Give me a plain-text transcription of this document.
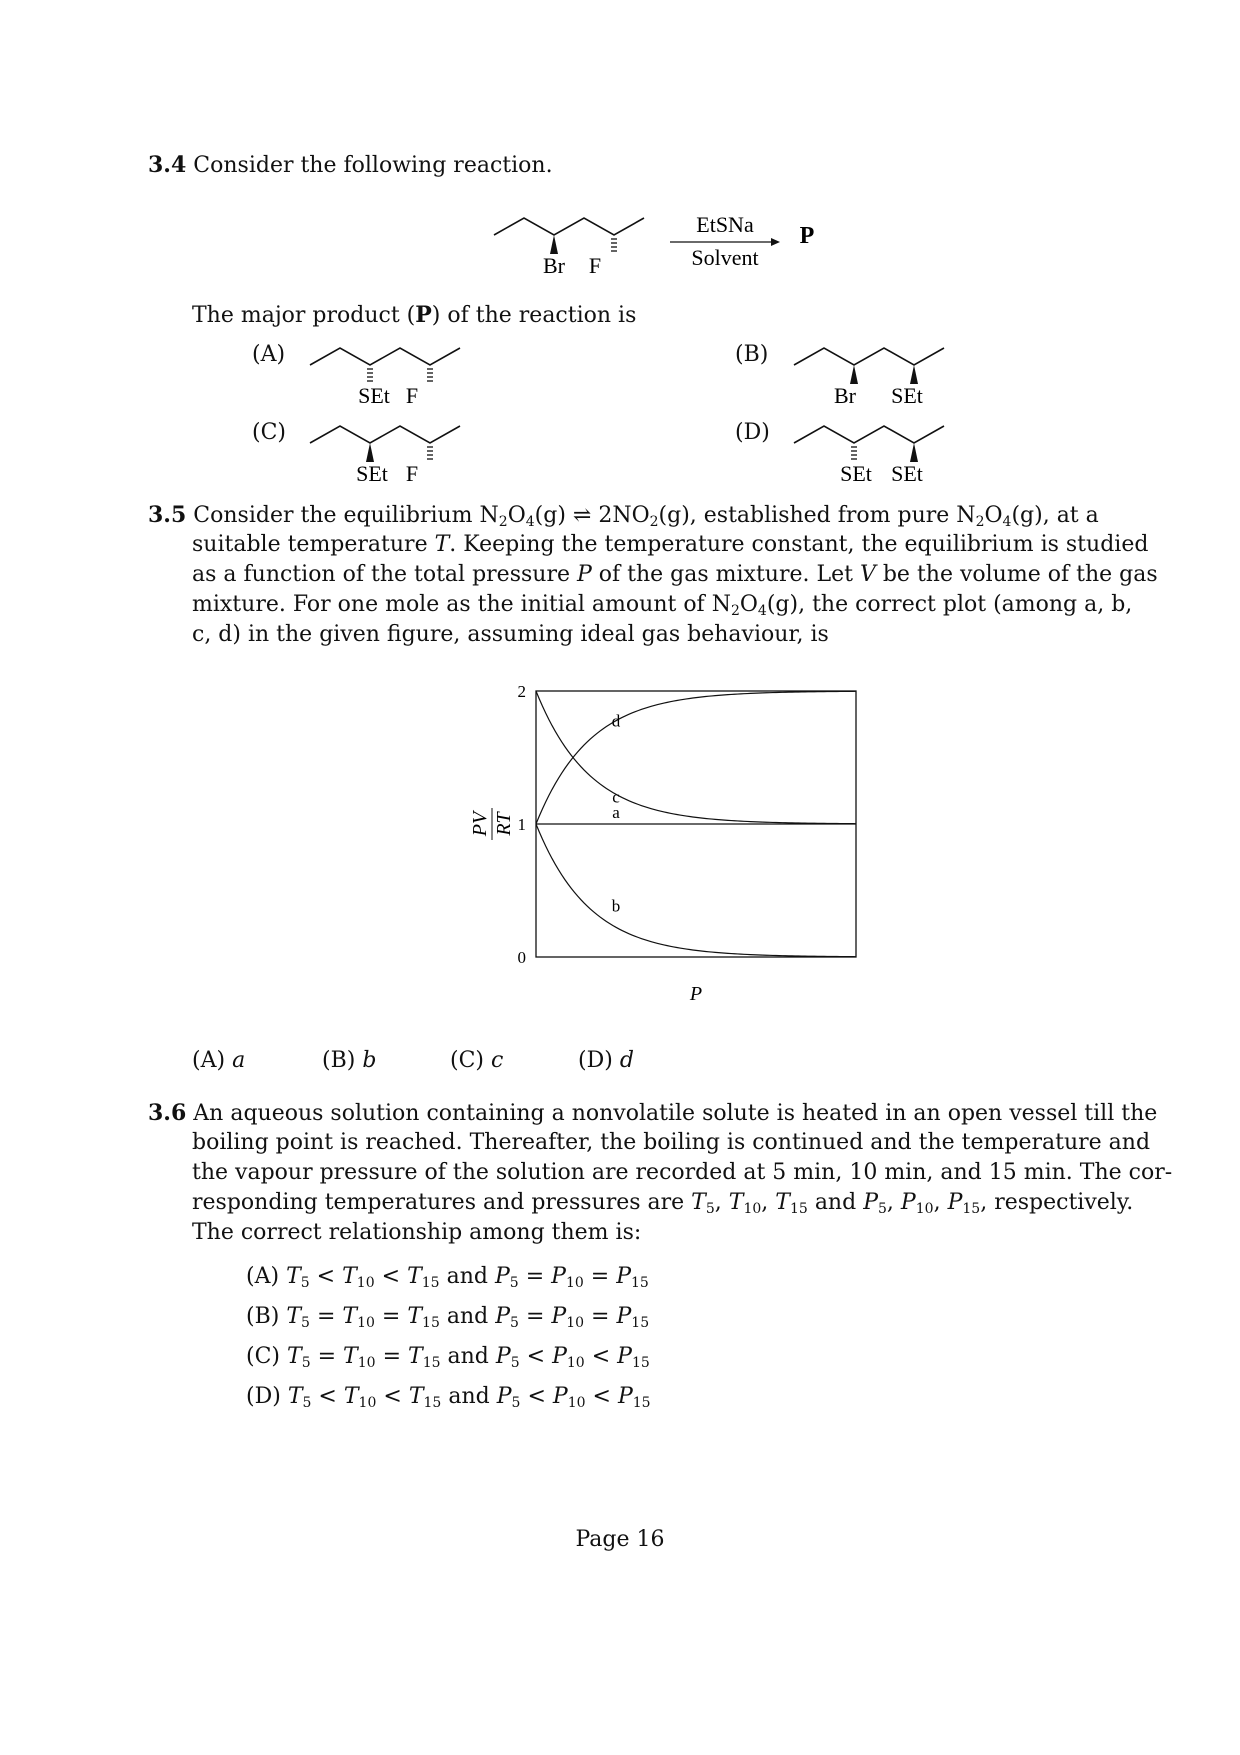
3.4 Consider the following reaction.
Br F
EtSNa
Solvent
P
The major product (P) of the reaction is
(A)
SEt F
(B)
Br SEt
(C)
SEt F
(D)
SEt SEt
3.5 Consider the equilibrium $N_2O_4(g)$ ⇌ $2NO_2(g)$, established from pure $N_2O_4(g)$, at a
suitable temperature T. Keeping the temperature constant, the equilibrium is studied
as a function of the total pressure P of the gas mixture. Let V be the volume of the gas
mixture. For one mole as the initial amount of $N_2O_4(g)$, the correct plot (among a, b,
c, d) in the given figure, assuming ideal gas behaviour, is
0
1
2
a
b
c
d
PV RT
P
(A) a	(B) b	(C) c	(D) d
3.6 An aqueous solution containing a nonvolatile solute is heated in an open vessel till the
boiling point is reached. Thereafter, the boiling is continued and the temperature and
the vapour pressure of the solution are recorded at 5 min, 10 min, and 15 min. The cor-
responding temperatures and pressures are $T_5$, $T_{10}$, $T_{15}$ and $P_5$, $P_{10}$, $P_{15}$, respectively.
The correct relationship among them is:
(A) $T_5 < T_{10} < T_{15}$ and $P_5 = P_{10} = P_{15}$
(B) $T_5 = T_{10} = T_{15}$ and $P_5 = P_{10} = P_{15}$
(C) $T_5 = T_{10} = T_{15}$ and $P_5 < P_{10} < P_{15}$
(D) $T_5 < T_{10} < T_{15}$ and $P_5 < P_{10} < P_{15}$
Page 16
